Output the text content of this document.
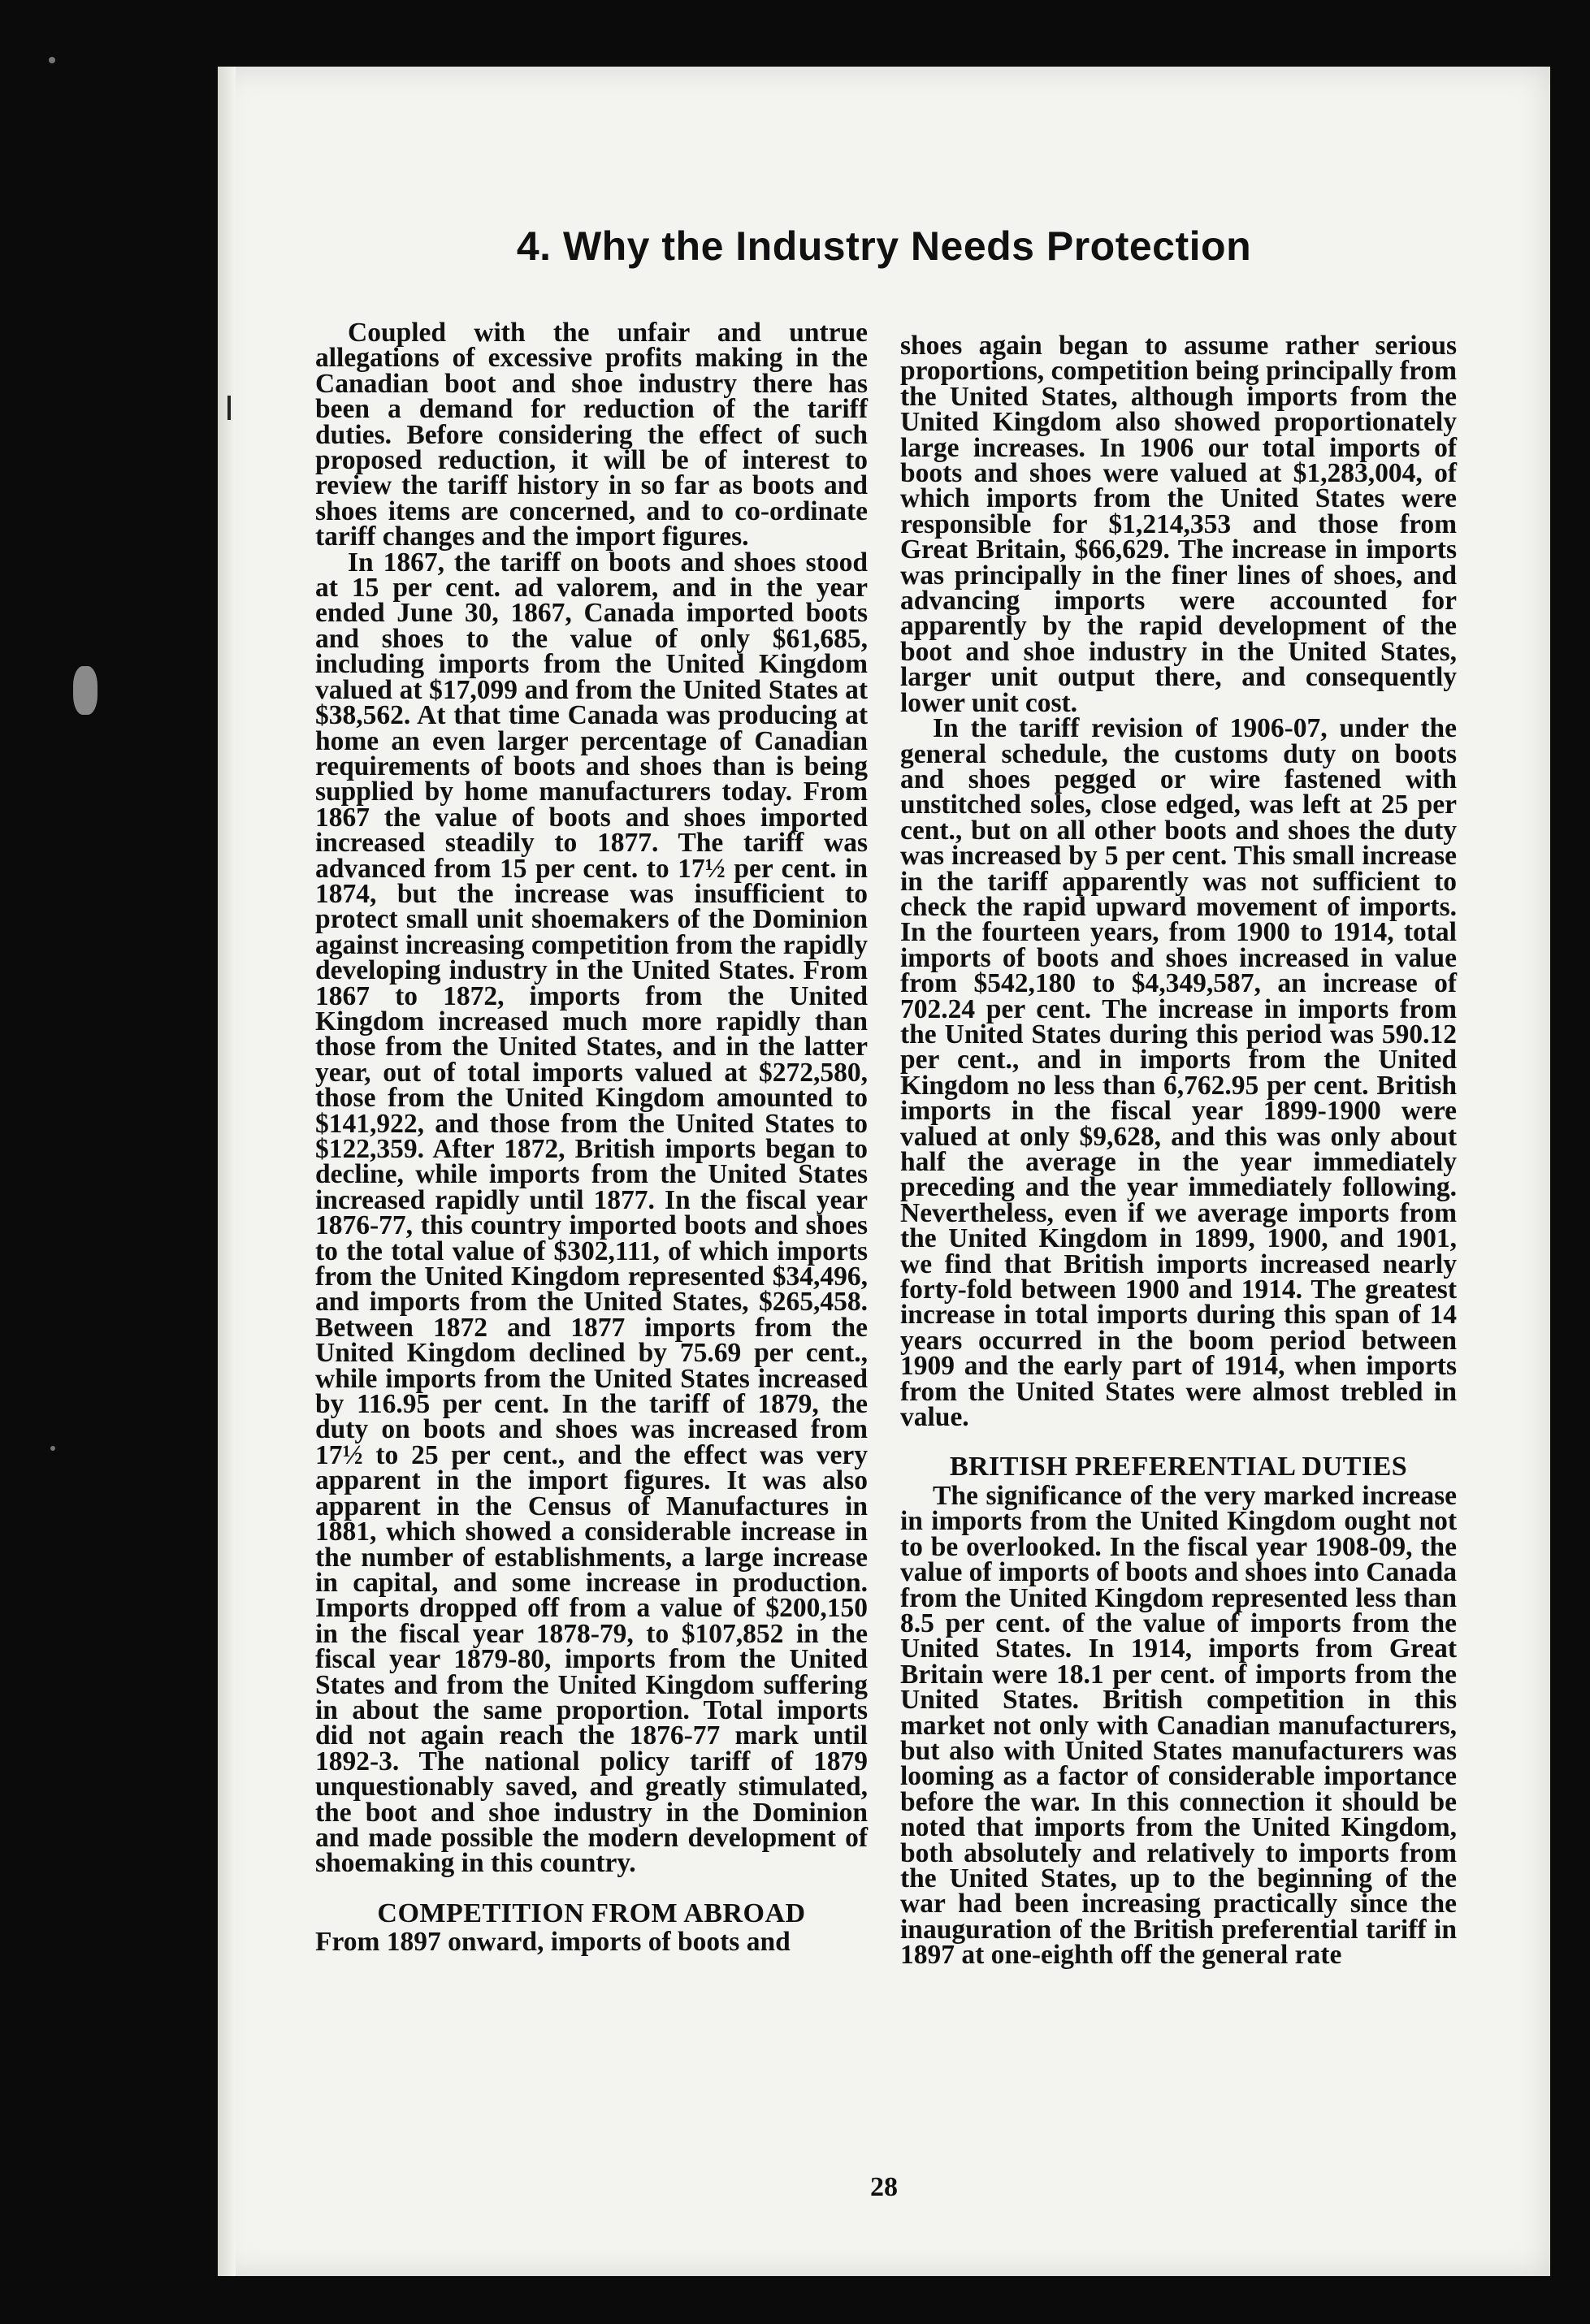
4. Why the Industry Needs Protection

Coupled with the unfair and untrue allegations of excessive profits making in the Canadian boot and shoe industry there has been a demand for reduction of the tariff duties. Before considering the effect of such proposed reduction, it will be of interest to review the tariff history in so far as boots and shoes items are concerned, and to co-ordinate tariff changes and the import figures.

In 1867, the tariff on boots and shoes stood at 15 per cent. ad valorem, and in the year ended June 30, 1867, Canada imported boots and shoes to the value of only $61,685, including imports from the United Kingdom valued at $17,099 and from the United States at $38,562. At that time Canada was producing at home an even larger percentage of Canadian requirements of boots and shoes than is being supplied by home manufacturers today. From 1867 the value of boots and shoes imported increased steadily to 1877. The tariff was advanced from 15 per cent. to 17½ per cent. in 1874, but the increase was insufficient to protect small unit shoemakers of the Dominion against increasing competition from the rapidly developing industry in the United States. From 1867 to 1872, imports from the United Kingdom increased much more rapidly than those from the United States, and in the latter year, out of total imports valued at $272,580, those from the United Kingdom amounted to $141,922, and those from the United States to $122,359. After 1872, British imports began to decline, while imports from the United States increased rapidly until 1877. In the fiscal year 1876-77, this country imported boots and shoes to the total value of $302,111, of which imports from the United Kingdom represented $34,496, and imports from the United States, $265,458. Between 1872 and 1877 imports from the United Kingdom declined by 75.69 per cent., while imports from the United States increased by 116.95 per cent. In the tariff of 1879, the duty on boots and shoes was increased from 17½ to 25 per cent., and the effect was very apparent in the import figures. It was also apparent in the Census of Manufactures in 1881, which showed a considerable increase in the number of establishments, a large increase in capital, and some increase in production. Imports dropped off from a value of $200,150 in the fiscal year 1878-79, to $107,852 in the fiscal year 1879-80, imports from the United States and from the United Kingdom suffering in about the same proportion. Total imports did not again reach the 1876-77 mark until 1892-3. The national policy tariff of 1879 unquestionably saved, and greatly stimulated, the boot and shoe industry in the Dominion and made possible the modern development of shoemaking in this country.

COMPETITION FROM ABROAD

From 1897 onward, imports of boots and

shoes again began to assume rather serious proportions, competition being principally from the United States, although imports from the United Kingdom also showed proportionately large increases. In 1906 our total imports of boots and shoes were valued at $1,283,004, of which imports from the United States were responsible for $1,214,353 and those from Great Britain, $66,629. The increase in imports was principally in the finer lines of shoes, and advancing imports were accounted for apparently by the rapid development of the boot and shoe industry in the United States, larger unit output there, and consequently lower unit cost.

In the tariff revision of 1906-07, under the general schedule, the customs duty on boots and shoes pegged or wire fastened with unstitched soles, close edged, was left at 25 per cent., but on all other boots and shoes the duty was increased by 5 per cent. This small increase in the tariff apparently was not sufficient to check the rapid upward movement of imports. In the fourteen years, from 1900 to 1914, total imports of boots and shoes increased in value from $542,180 to $4,349,587, an increase of 702.24 per cent. The increase in imports from the United States during this period was 590.12 per cent., and in imports from the United Kingdom no less than 6,762.95 per cent. British imports in the fiscal year 1899-1900 were valued at only $9,628, and this was only about half the average in the year immediately preceding and the year immediately following. Nevertheless, even if we average imports from the United Kingdom in 1899, 1900, and 1901, we find that British imports increased nearly forty-fold between 1900 and 1914. The greatest increase in total imports during this span of 14 years occurred in the boom period between 1909 and the early part of 1914, when imports from the United States were almost trebled in value.

BRITISH PREFERENTIAL DUTIES

The significance of the very marked increase in imports from the United Kingdom ought not to be overlooked. In the fiscal year 1908-09, the value of imports of boots and shoes into Canada from the United Kingdom represented less than 8.5 per cent. of the value of imports from the United States. In 1914, imports from Great Britain were 18.1 per cent. of imports from the United States. British competition in this market not only with Canadian manufacturers, but also with United States manufacturers was looming as a factor of considerable importance before the war. In this connection it should be noted that imports from the United Kingdom, both absolutely and relatively to imports from the United States, up to the beginning of the war had been increasing practically since the inauguration of the British preferential tariff in 1897 at one-eighth off the general rate

28
